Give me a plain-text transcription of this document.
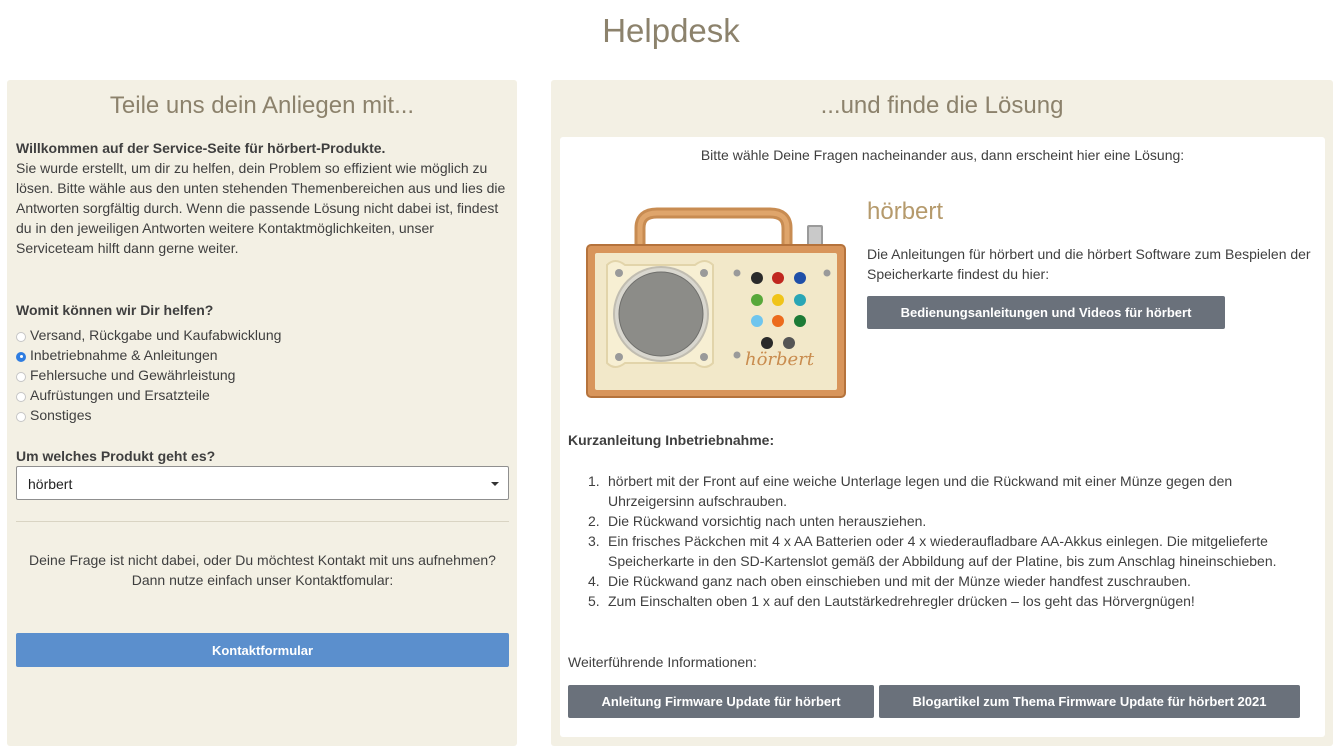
Helpdesk
Teile uns dein Anliegen mit...
Willkommen auf der Service-Seite für hörbert-Produkte.
Sie wurde erstellt, um dir zu helfen, dein Problem so effizient wie möglich zu lösen. Bitte wähle aus den unten stehenden Themenbereichen aus und lies die Antworten sorgfältig durch. Wenn die passende Lösung nicht dabei ist, findest du in den jeweiligen Antworten weitere Kontaktmöglichkeiten, unser Serviceteam hilft dann gerne weiter.
Womit können wir Dir helfen?
Versand, Rückgabe und Kaufabwicklung
Inbetriebnahme & Anleitungen
Fehlersuche und Gewährleistung
Aufrüstungen und Ersatzteile
Sonstiges
Um welches Produkt geht es?
hörbert
Deine Frage ist nicht dabei, oder Du möchtest Kontakt mit uns aufnehmen?
Dann nutze einfach unser Kontaktfomular:
Kontaktformular
...und finde die Lösung
Bitte wähle Deine Fragen nacheinander aus, dann erscheint hier eine Lösung:
hörbert
hörbert
Die Anleitungen für hörbert und die hörbert Software zum Bespielen der Speicherkarte findest du hier:
Bedienungsanleitungen und Videos für hörbert
Kurzanleitung Inbetriebnahme:
hörbert mit der Front auf eine weiche Unterlage legen und die Rückwand mit einer Münze gegen den Uhrzeigersinn aufschrauben.
Die Rückwand vorsichtig nach unten herausziehen.
Ein frisches Päckchen mit 4 x AA Batterien oder 4 x wiederaufladbare AA-Akkus einlegen. Die mitgelieferte Speicherkarte in den SD-Kartenslot gemäß der Abbildung auf der Platine, bis zum Anschlag hineinschieben.
Die Rückwand ganz nach oben einschieben und mit der Münze wieder handfest zuschrauben.
Zum Einschalten oben 1 x auf den Lautstärkedrehregler drücken – los geht das Hörvergnügen!
Weiterführende Informationen:
Anleitung Firmware Update für hörbert	Blogartikel zum Thema Firmware Update für hörbert 2021
